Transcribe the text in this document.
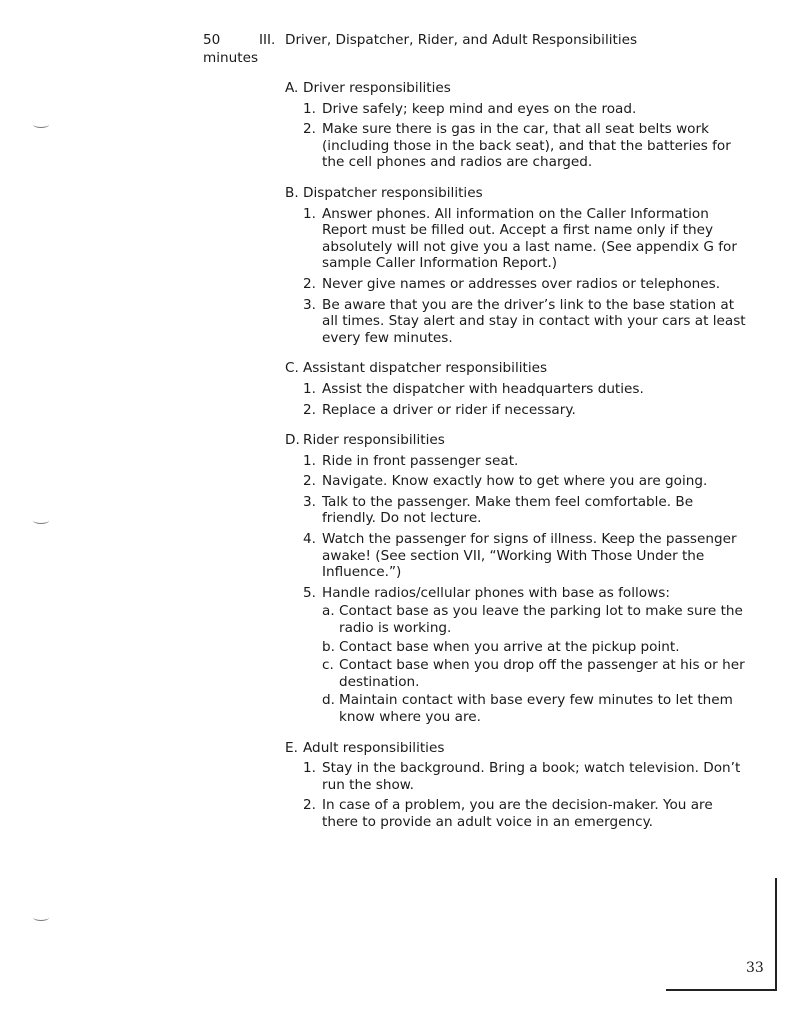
50
minutes
III. Driver, Dispatcher, Rider, and Adult Responsibilities
A. Driver responsibilities
1. Drive safely; keep mind and eyes on the road.
2. Make sure there is gas in the car, that all seat belts work (including those in the back seat), and that the batteries for the cell phones and radios are charged.
B. Dispatcher responsibilities
1. Answer phones. All information on the Caller Information Report must be filled out. Accept a first name only if they absolutely will not give you a last name. (See appendix G for sample Caller Information Report.)
2. Never give names or addresses over radios or telephones.
3. Be aware that you are the driver’s link to the base station at all times. Stay alert and stay in contact with your cars at least every few minutes.
C. Assistant dispatcher responsibilities
1. Assist the dispatcher with headquarters duties.
2. Replace a driver or rider if necessary.
D. Rider responsibilities
1. Ride in front passenger seat.
2. Navigate. Know exactly how to get where you are going.
3. Talk to the passenger. Make them feel comfortable. Be friendly. Do not lecture.
4. Watch the passenger for signs of illness. Keep the passenger awake! (See section VII, “Working With Those Under the Influence.”)
5. Handle radios/cellular phones with base as follows:
a. Contact base as you leave the parking lot to make sure the radio is working.
b. Contact base when you arrive at the pickup point.
c. Contact base when you drop off the passenger at his or her destination.
d. Maintain contact with base every few minutes to let them know where you are.
E. Adult responsibilities
1. Stay in the background. Bring a book; watch television. Don’t run the show.
2. In case of a problem, you are the decision-maker. You are there to provide an adult voice in an emergency.
33
